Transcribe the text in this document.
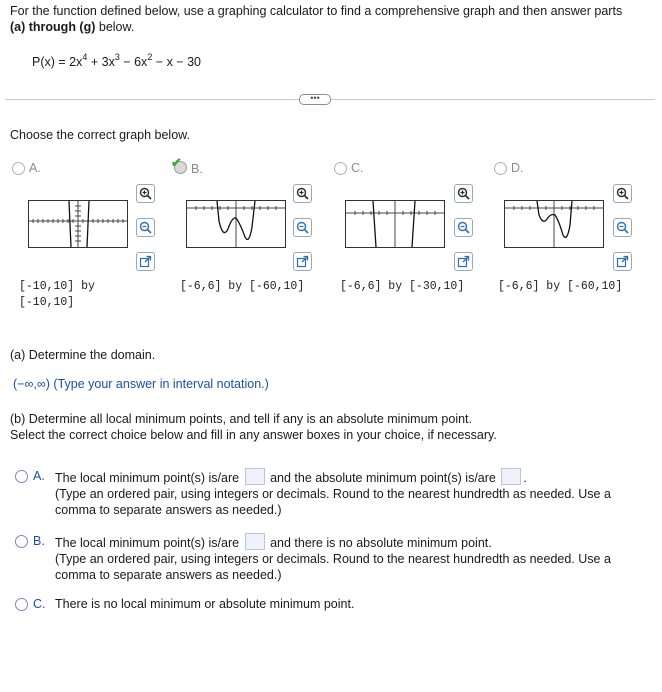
For the function defined below, use a graphing calculator to find a comprehensive graph and then answer parts
(a) through (g) below.
$P(x) = 2x^4 + 3x^3 - 6x^2 - x - 30$
•••
Choose the correct graph below.
A.	✔ B.	C.	D.
[-10,10] by
[-10,10]
[-6,6] by [-60,10]	[-6,6] by [-30,10]	[-6,6] by [-60,10]
(a) Determine the domain.
(−∞,∞) (Type your answer in interval notation.)
(b) Determine all local minimum points, and tell if any is an absolute minimum point.
Select the correct choice below and fill in any answer boxes in your choice, if necessary.
A. The local minimum point(s) is/are and the absolute minimum point(s) is/are .
(Type an ordered pair, using integers or decimals. Round to the nearest hundredth as needed. Use a comma to separate answers as needed.)
B. The local minimum point(s) is/are and there is no absolute minimum point.
(Type an ordered pair, using integers or decimals. Round to the nearest hundredth as needed. Use a comma to separate answers as needed.)
C. There is no local minimum or absolute minimum point.
